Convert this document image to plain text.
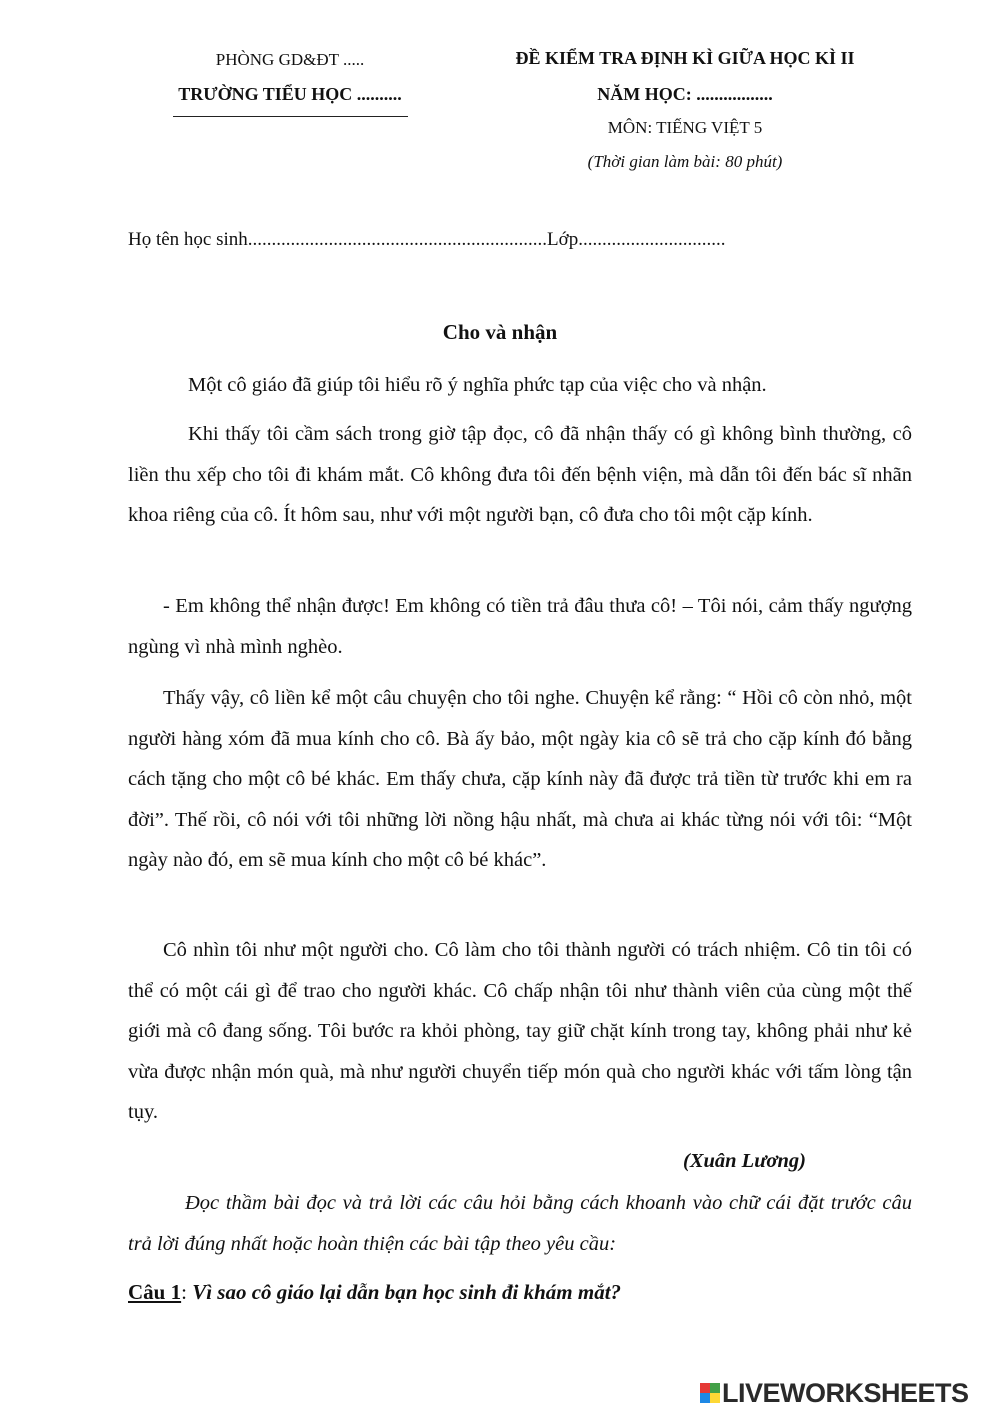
PHÒNG GD&ĐT .....
TRƯỜNG TIỂU HỌC ..........
ĐỀ KIỂM TRA ĐỊNH KÌ GIỮA HỌC KÌ II
NĂM HỌC: .................
MÔN: TIẾNG VIỆT 5
(Thời gian làm bài: 80 phút)
Họ tên học sinh...............................................................Lớp...............................
Cho và nhận
Một cô giáo đã giúp tôi hiểu rõ ý nghĩa phức tạp của việc cho và nhận.
Khi thấy tôi cầm sách trong giờ tập đọc, cô đã nhận thấy có gì không bình thường, cô liền thu xếp cho tôi đi khám mắt. Cô không đưa tôi đến bệnh viện, mà dẫn tôi đến bác sĩ nhãn khoa riêng của cô. Ít hôm sau, như với một người bạn, cô đưa cho tôi một cặp kính.
- Em không thể nhận được! Em không có tiền trả đâu thưa cô! – Tôi nói, cảm thấy ngượng ngùng vì nhà mình nghèo.
Thấy vậy, cô liền kể một câu chuyện cho tôi nghe. Chuyện kể rằng: “ Hồi cô còn nhỏ, một người hàng xóm đã mua kính cho cô. Bà ấy bảo, một ngày kia cô sẽ trả cho cặp kính đó bằng cách tặng cho một cô bé khác. Em thấy chưa, cặp kính này đã được trả tiền từ trước khi em ra đời”. Thế rồi, cô nói với tôi những lời nồng hậu nhất, mà chưa ai khác từng nói với tôi: “Một ngày nào đó, em sẽ mua kính cho một cô bé khác”.
Cô nhìn tôi như một người cho. Cô làm cho tôi thành người có trách nhiệm. Cô tin tôi có thể có một cái gì để trao cho người khác. Cô chấp nhận tôi như thành viên của cùng một thế giới mà cô đang sống. Tôi bước ra khỏi phòng, tay giữ chặt kính trong tay, không phải như kẻ vừa được nhận món quà, mà như người chuyển tiếp món quà cho người khác với tấm lòng tận tụy.
(Xuân Lương)
Đọc thầm bài đọc và trả lời các câu hỏi bằng cách khoanh vào chữ cái đặt trước câu trả lời đúng nhất hoặc hoàn thiện các bài tập theo yêu cầu:
Câu 1: Vì sao cô giáo lại dẫn bạn học sinh đi khám mắt?
LIVEWORKSHEETS
